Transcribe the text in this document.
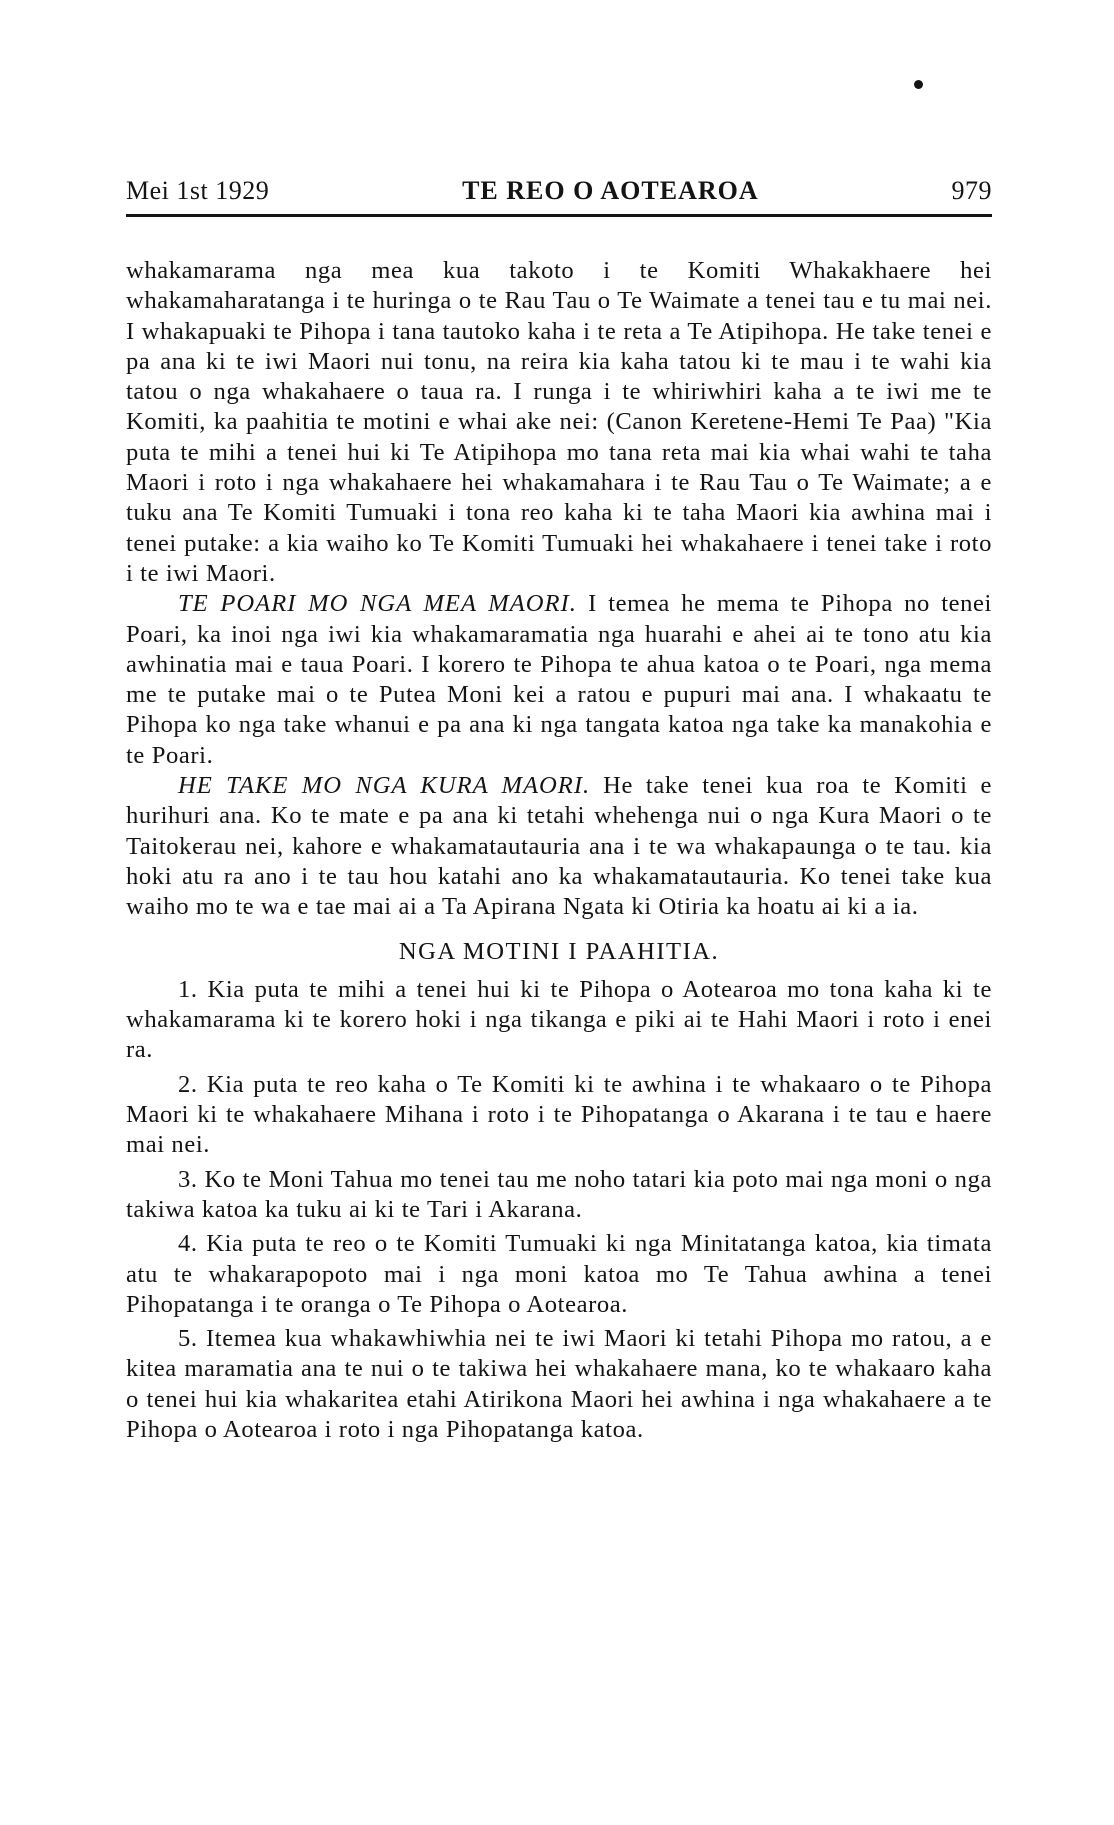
Mei 1st 1929	TE REO O AOTEAROA	979

whakamarama nga mea kua takoto i te Komiti Whakakhaere hei whakamaharatanga i te huringa o te Rau Tau o Te Waimate a tenei tau e tu mai nei. I whakapuaki te Pihopa i tana tautoko kaha i te reta a Te Atipihopa. He take tenei e pa ana ki te iwi Maori nui tonu, na reira kia kaha tatou ki te mau i te wahi kia tatou o nga whakahaere o taua ra. I runga i te whiriwhiri kaha a te iwi me te Komiti, ka paahitia te motini e whai ake nei: (Canon Keretene-Hemi Te Paa) "Kia puta te mihi a tenei hui ki Te Atipihopa mo tana reta mai kia whai wahi te taha Maori i roto i nga whakahaere hei whakamahara i te Rau Tau o Te Waimate; a e tuku ana Te Komiti Tumuaki i tona reo kaha ki te taha Maori kia awhina mai i tenei putake: a kia waiho ko Te Komiti Tumuaki hei whakahaere i tenei take i roto i te iwi Maori.

TE POARI MO NGA MEA MAORI. I temea he mema te Pihopa no tenei Poari, ka inoi nga iwi kia whakamaramatia nga huarahi e ahei ai te tono atu kia awhinatia mai e taua Poari. I korero te Pihopa te ahua katoa o te Poari, nga mema me te putake mai o te Putea Moni kei a ratou e pupuri mai ana. I whakaatu te Pihopa ko nga take whanui e pa ana ki nga tangata katoa nga take ka manakohia e te Poari.

HE TAKE MO NGA KURA MAORI. He take tenei kua roa te Komiti e hurihuri ana. Ko te mate e pa ana ki tetahi whehenga nui o nga Kura Maori o te Taitokerau nei, kahore e whakamatautauria ana i te wa whakapaunga o te tau. kia hoki atu ra ano i te tau hou katahi ano ka whakamatautauria. Ko tenei take kua waiho mo te wa e tae mai ai a Ta Apirana Ngata ki Otiria ka hoatu ai ki a ia.

NGA MOTINI I PAAHITIA.

1. Kia puta te mihi a tenei hui ki te Pihopa o Aotearoa mo tona kaha ki te whakamarama ki te korero hoki i nga tikanga e piki ai te Hahi Maori i roto i enei ra.

2. Kia puta te reo kaha o Te Komiti ki te awhina i te whakaaro o te Pihopa Maori ki te whakahaere Mihana i roto i te Pihopatanga o Akarana i te tau e haere mai nei.

3. Ko te Moni Tahua mo tenei tau me noho tatari kia poto mai nga moni o nga takiwa katoa ka tuku ai ki te Tari i Akarana.

4. Kia puta te reo o te Komiti Tumuaki ki nga Minitatanga katoa, kia timata atu te whakarapopoto mai i nga moni katoa mo Te Tahua awhina a tenei Pihopatanga i te oranga o Te Pihopa o Aotearoa.

5. Itemea kua whakawhiwhia nei te iwi Maori ki tetahi Pihopa mo ratou, a e kitea maramatia ana te nui o te takiwa hei whakahaere mana, ko te whakaaro kaha o tenei hui kia whakaritea etahi Atirikona Maori hei awhina i nga whakahaere a te Pihopa o Aotearoa i roto i nga Pihopatanga katoa.
